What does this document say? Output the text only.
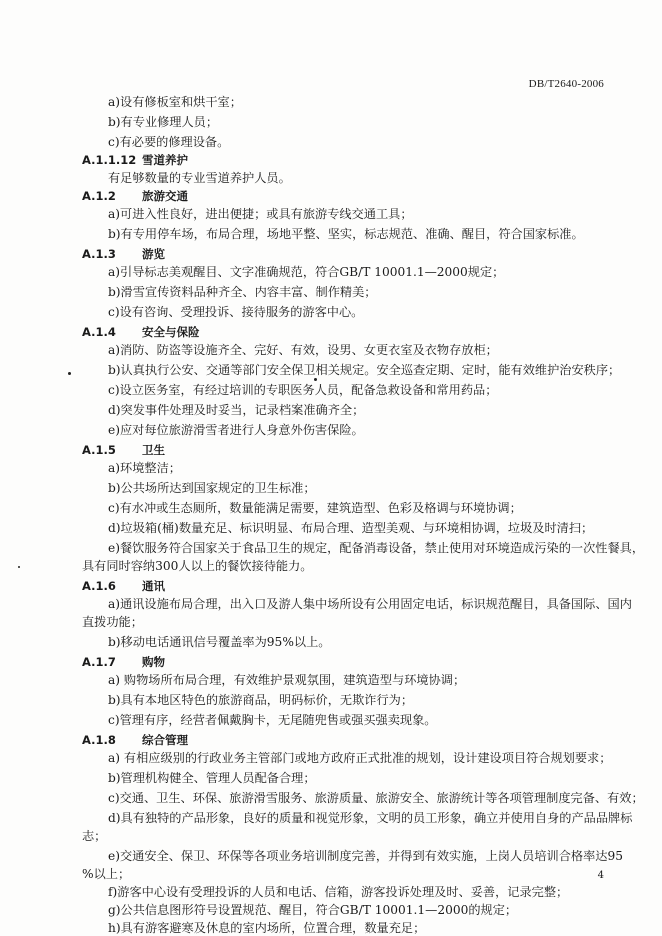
DB/T2640-2006
a)设有修板室和烘干室；
b)有专业修理人员；
c)有必要的修理设备。
A.1.1.12 雪道养护
有足够数量的专业雪道养护人员。
A.1.2 旅游交通
a)可进入性良好，进出便捷；或具有旅游专线交通工具；
b)有专用停车场，布局合理，场地平整、坚实，标志规范、准确、醒目，符合国家标准。
A.1.3 游览
a)引导标志美观醒目、文字准确规范，符合GB/T 10001.1—2000规定；
b)滑雪宣传资料品种齐全、内容丰富、制作精美；
c)设有咨询、受理投诉、接待服务的游客中心。
A.1.4 安全与保险
a)消防、防盗等设施齐全、完好、有效，设男、女更衣室及衣物存放柜；
b)认真执行公安、交通等部门安全保卫相关规定。安全巡查定期、定时，能有效维护治安秩序；
c)设立医务室，有经过培训的专职医务人员，配备急救设备和常用药品；
d)突发事件处理及时妥当，记录档案准确齐全；
e)应对每位旅游滑雪者进行人身意外伤害保险。
A.1.5 卫生
a)环境整洁；
b)公共场所达到国家规定的卫生标准；
c)有水冲或生态厕所，数量能满足需要，建筑造型、色彩及格调与环境协调；
d)垃圾箱(桶)数量充足、标识明显、布局合理、造型美观、与环境相协调，垃圾及时清扫；
e)餐饮服务符合国家关于食品卫生的规定，配备消毒设备，禁止使用对环境造成污染的一次性餐具，
具有同时容纳300人以上的餐饮接待能力。
A.1.6 通讯
a)通讯设施布局合理，出入口及游人集中场所设有公用固定电话，标识规范醒目，具备国际、国内
直拨功能；
b)移动电话通讯信号覆盖率为95%以上。
A.1.7 购物
a) 购物场所布局合理，有效维护景观氛围，建筑造型与环境协调；
b)具有本地区特色的旅游商品，明码标价，无欺诈行为；
c)管理有序，经营者佩戴胸卡，无尾随兜售或强买强卖现象。
A.1.8 综合管理
a) 有相应级别的行政业务主管部门或地方政府正式批准的规划，设计建设项目符合规划要求；
b)管理机构健全、管理人员配备合理；
c)交通、卫生、环保、旅游滑雪服务、旅游质量、旅游安全、旅游统计等各项管理制度完备、有效；
d)具有独特的产品形象，良好的质量和视觉形象，文明的员工形象，确立并使用自身的产品品牌标
志；
e)交通安全、保卫、环保等各项业务培训制度完善，并得到有效实施，上岗人员培训合格率达95
%以上；
f)游客中心设有受理投诉的人员和电话、信箱，游客投诉处理及时、妥善，记录完整；
g)公共信息图形符号设置规范、醒目，符合GB/T 10001.1—2000的规定；
h)具有游客避寒及休息的室内场所，位置合理，数量充足；
4
